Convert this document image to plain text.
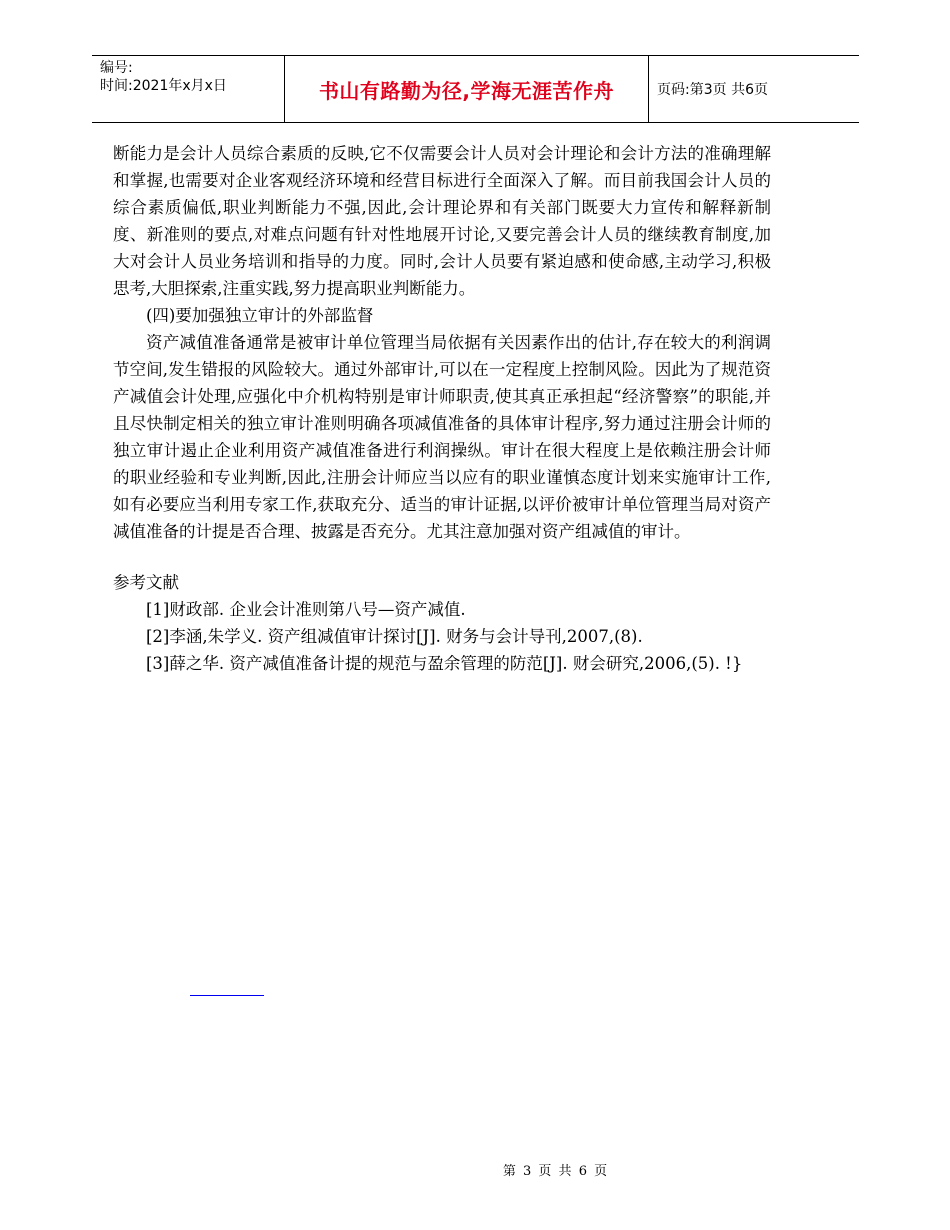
编号:
时间:2021年x月x日	书山有路勤为径,学海无涯苦作舟	页码:第3页 共6页

断能力是会计人员综合素质的反映,它不仅需要会计人员对会计理论和会计方法的准确理解和掌握,也需要对企业客观经济环境和经营目标进行全面深入了解。而目前我国会计人员的综合素质偏低,职业判断能力不强,因此,会计理论界和有关部门既要大力宣传和解释新制度、新准则的要点,对难点问题有针对性地展开讨论,又要完善会计人员的继续教育制度,加大对会计人员业务培训和指导的力度。同时,会计人员要有紧迫感和使命感,主动学习,积极思考,大胆探索,注重实践,努力提高职业判断能力。

(四)要加强独立审计的外部监督

资产减值准备通常是被审计单位管理当局依据有关因素作出的估计,存在较大的利润调节空间,发生错报的风险较大。通过外部审计,可以在一定程度上控制风险。因此为了规范资产减值会计处理,应强化中介机构特别是审计师职责,使其真正承担起“经济警察”的职能,并且尽快制定相关的独立审计准则明确各项减值准备的具体审计程序,努力通过注册会计师的独立审计遏止企业利用资产减值准备进行利润操纵。审计在很大程度上是依赖注册会计师的职业经验和专业判断,因此,注册会计师应当以应有的职业谨慎态度计划来实施审计工作,如有必要应当利用专家工作,获取充分、适当的审计证据,以评价被审计单位管理当局对资产减值准备的计提是否合理、披露是否充分。尤其注意加强对资产组减值的审计。

参考文献

[1]财政部. 企业会计准则第八号—资产减值.

[2]李涵,朱学义. 资产组减值审计探讨[J]. 财务与会计导刊,2007,(8).

[3]薛之华. 资产减值准备计提的规范与盈余管理的防范[J]. 财会研究,2006,(5). !}

第 3 页 共 6 页
